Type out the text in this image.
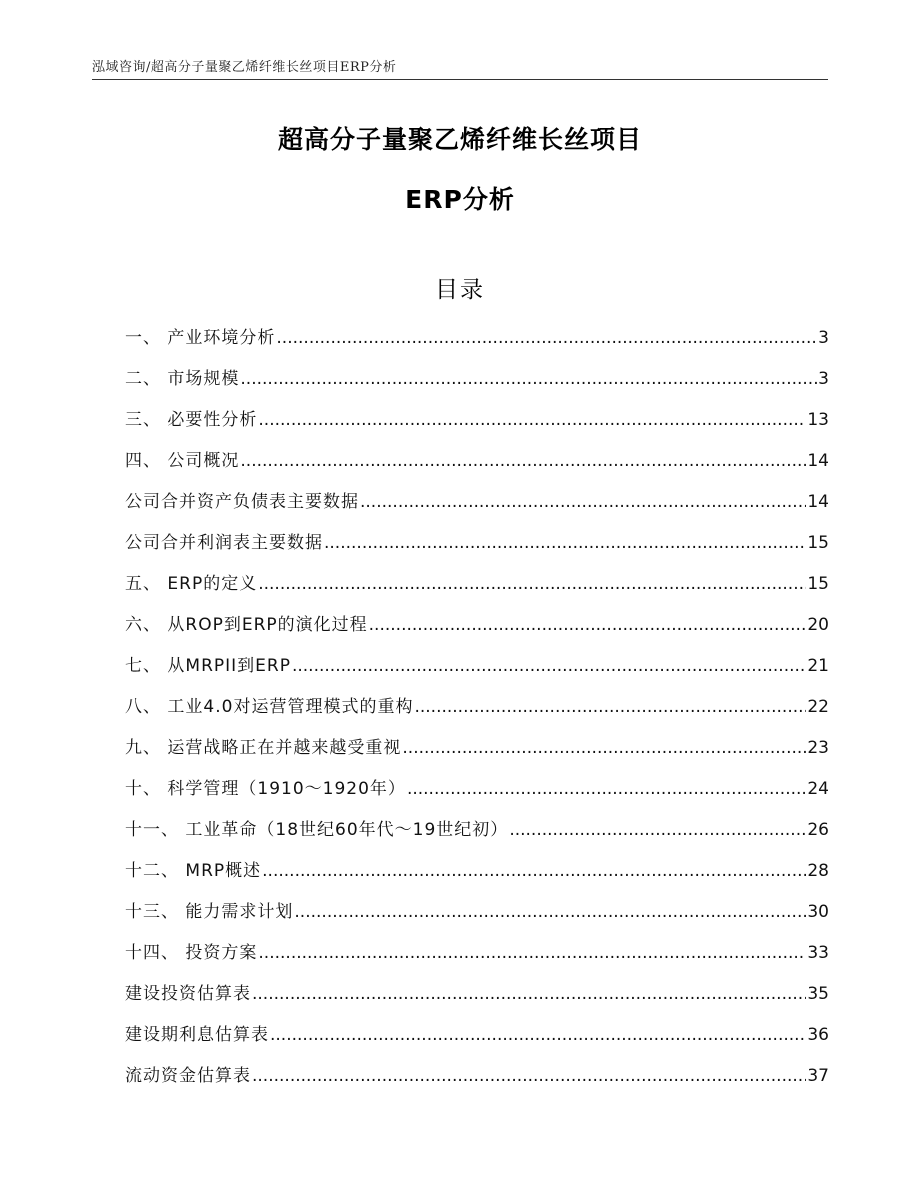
泓域咨询/超高分子量聚乙烯纤维长丝项目ERP分析
超高分子量聚乙烯纤维长丝项目
ERP分析
目录
一、 产业环境分析 .....	3
二、 市场规模 .....	3
三、 必要性分析 .....	13
四、 公司概况 .....	14
公司合并资产负债表主要数据 .....	14
公司合并利润表主要数据 .....	15
五、 ERP的定义 .....	15
六、 从ROP到ERP的演化过程 .....	20
七、 从MRPII到ERP .....	21
八、 工业4.0对运营管理模式的重构 .....	22
九、 运营战略正在并越来越受重视 .....	23
十、 科学管理（1910～1920年） .....	24
十一、 工业革命（18世纪60年代～19世纪初） .....	26
十二、 MRP概述 .....	28
十三、 能力需求计划 .....	30
十四、 投资方案 .....	33
建设投资估算表 .....	35
建设期利息估算表 .....	36
流动资金估算表 .....	37
